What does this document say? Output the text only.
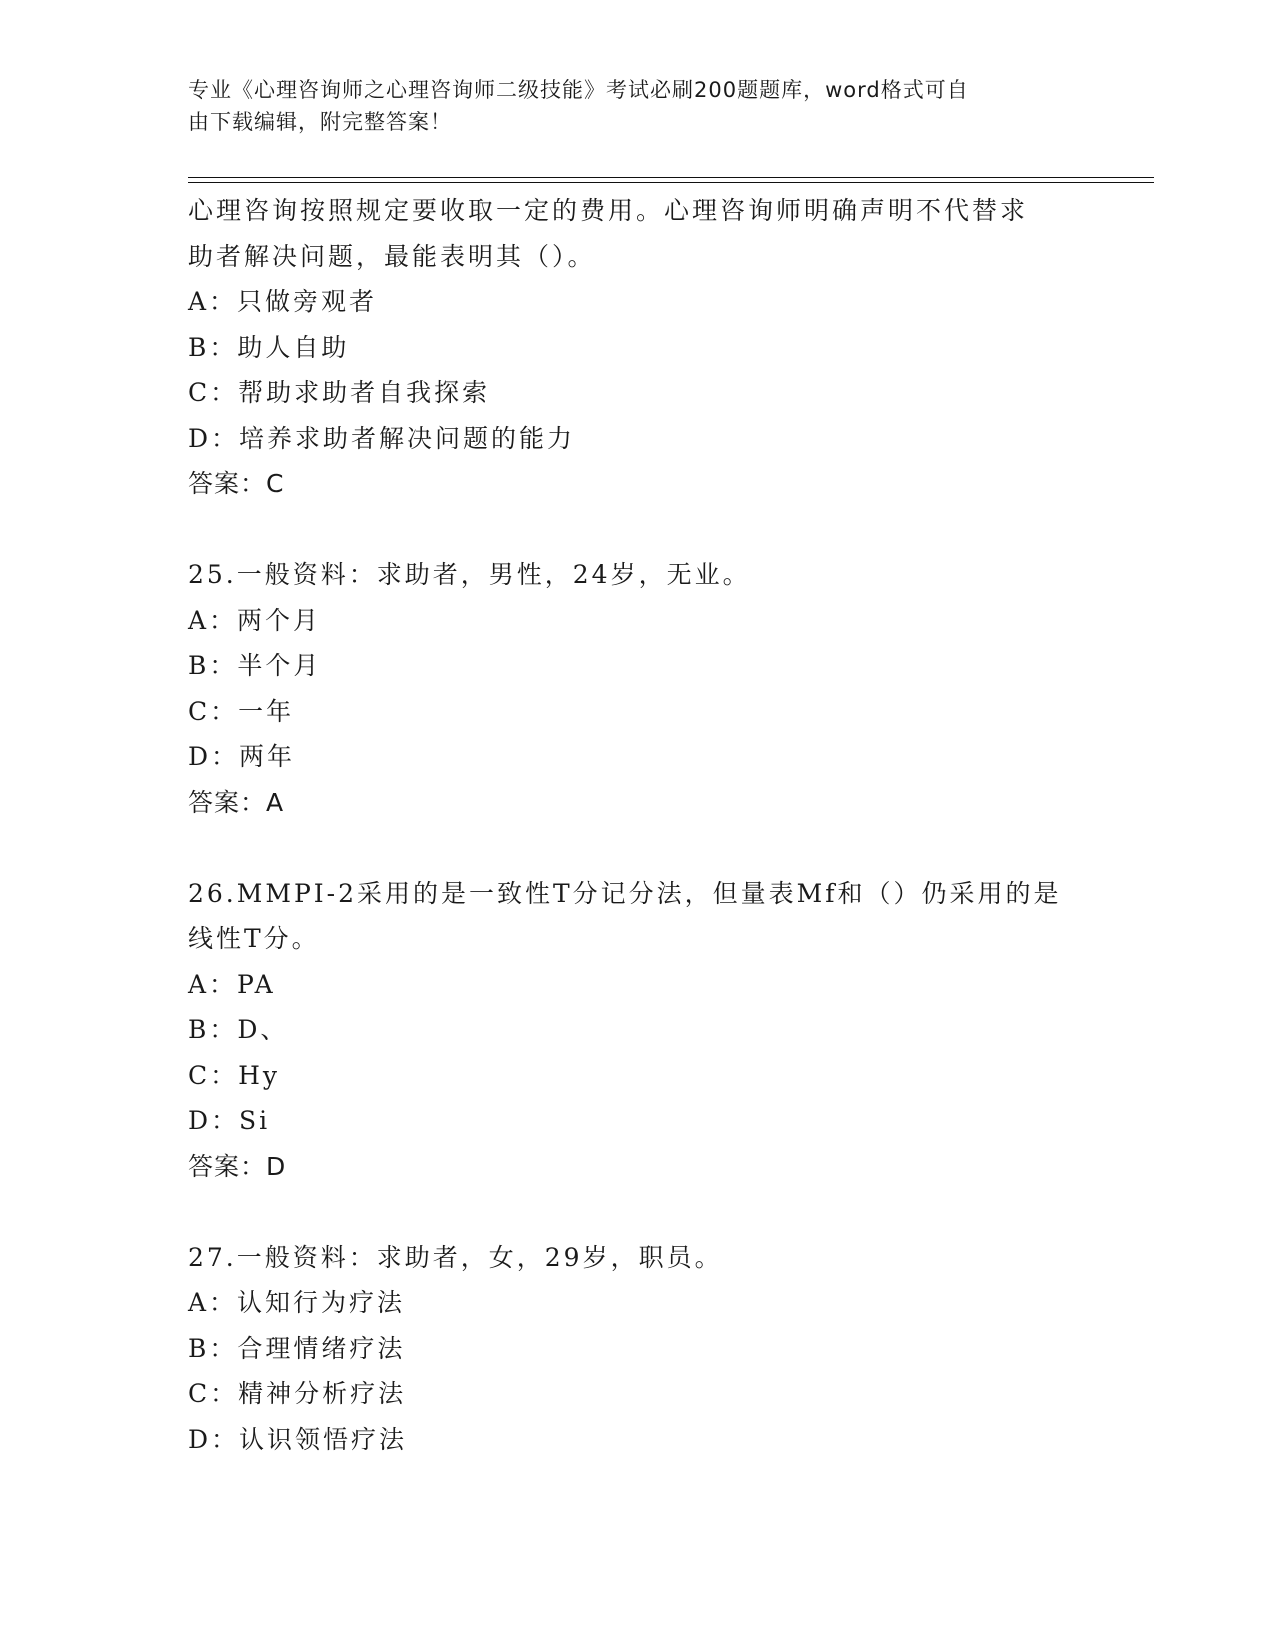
专业《心理咨询师之心理咨询师二级技能》考试必刷200题题库，word格式可自
由下载编辑，附完整答案！
心理咨询按照规定要收取一定的费用。心理咨询师明确声明不代替求
助者解决问题，最能表明其（）。
A：只做旁观者
B：助人自助
C：帮助求助者自我探索
D：培养求助者解决问题的能力
答案：C
25.一般资料：求助者，男性，24岁，无业。
A：两个月
B：半个月
C：一年
D：两年
答案：A
26.MMPI-2采用的是一致性T分记分法，但量表Mf和（）仍采用的是
线性T分。
A：PA
B：D、
C：Hy
D：Si
答案：D
27.一般资料：求助者，女，29岁，职员。
A：认知行为疗法
B：合理情绪疗法
C：精神分析疗法
D：认识领悟疗法
